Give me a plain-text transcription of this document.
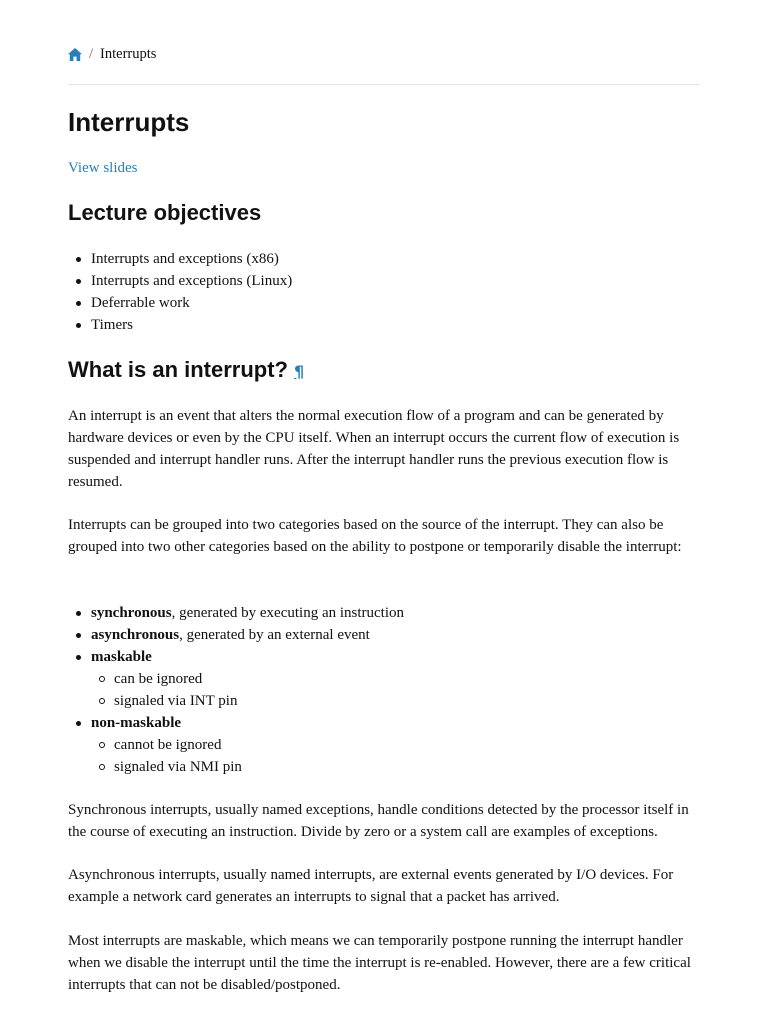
/ Interrupts
Interrupts
View slides
Lecture objectives
Interrupts and exceptions (x86)
Interrupts and exceptions (Linux)
Deferrable work
Timers
What is an interrupt? ¶

An interrupt is an event that alters the normal execution flow of a program and can be generated by hardware devices or even by the CPU itself. When an interrupt occurs the current flow of execution is suspended and interrupt handler runs. After the interrupt handler runs the previous execution flow is resumed.

Interrupts can be grouped into two categories based on the source of the interrupt. They can also be grouped into two other categories based on the ability to postpone or temporarily disable the interrupt:

synchronous, generated by executing an instruction
asynchronous, generated by an external event
maskable
can be ignored
signaled via INT pin
non-maskable
cannot be ignored
signaled via NMI pin

Synchronous interrupts, usually named exceptions, handle conditions detected by the processor itself in the course of executing an instruction. Divide by zero or a system call are examples of exceptions.

Asynchronous interrupts, usually named interrupts, are external events generated by I/O devices. For example a network card generates an interrupts to signal that a packet has arrived.

Most interrupts are maskable, which means we can temporarily postpone running the interrupt handler when we disable the interrupt until the time the interrupt is re-enabled. However, there are a few critical interrupts that can not be disabled/postponed.
